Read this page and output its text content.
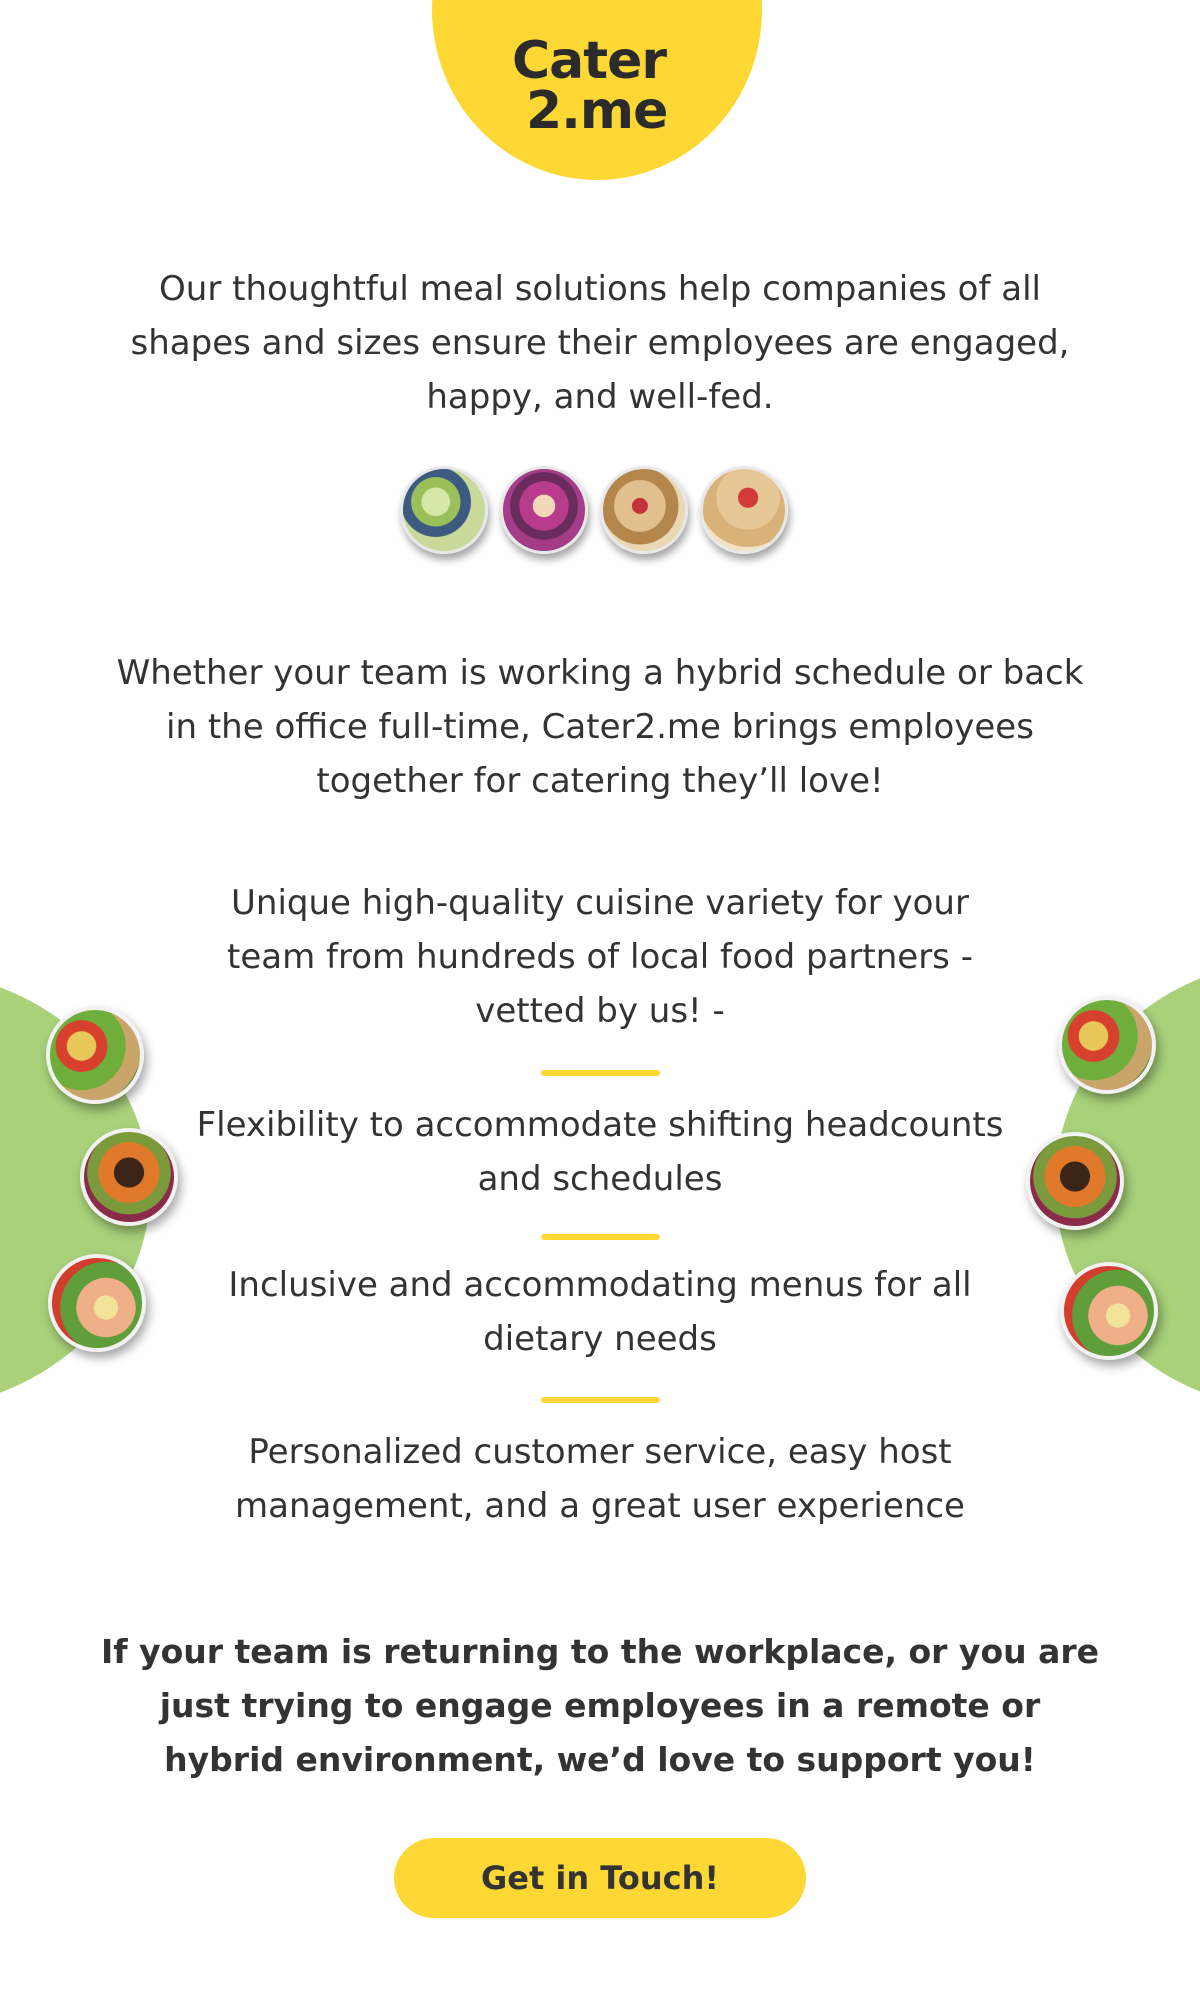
Cater
2.me
Our thoughtful meal solutions help companies of all shapes and sizes ensure their employees are engaged, happy, and well-fed.
Whether your team is working a hybrid schedule or back in the office full-time, Cater2.me brings employees together for catering they’ll love!
Unique high-quality cuisine variety for your team from hundreds of local food partners - vetted by us! -
Flexibility to accommodate shifting headcounts and schedules
Inclusive and accommodating menus for all dietary needs
Personalized customer service, easy host management, and a great user experience
If your team is returning to the workplace, or you are just trying to engage employees in a remote or hybrid environment, we’d love to support you!
Get in Touch!
